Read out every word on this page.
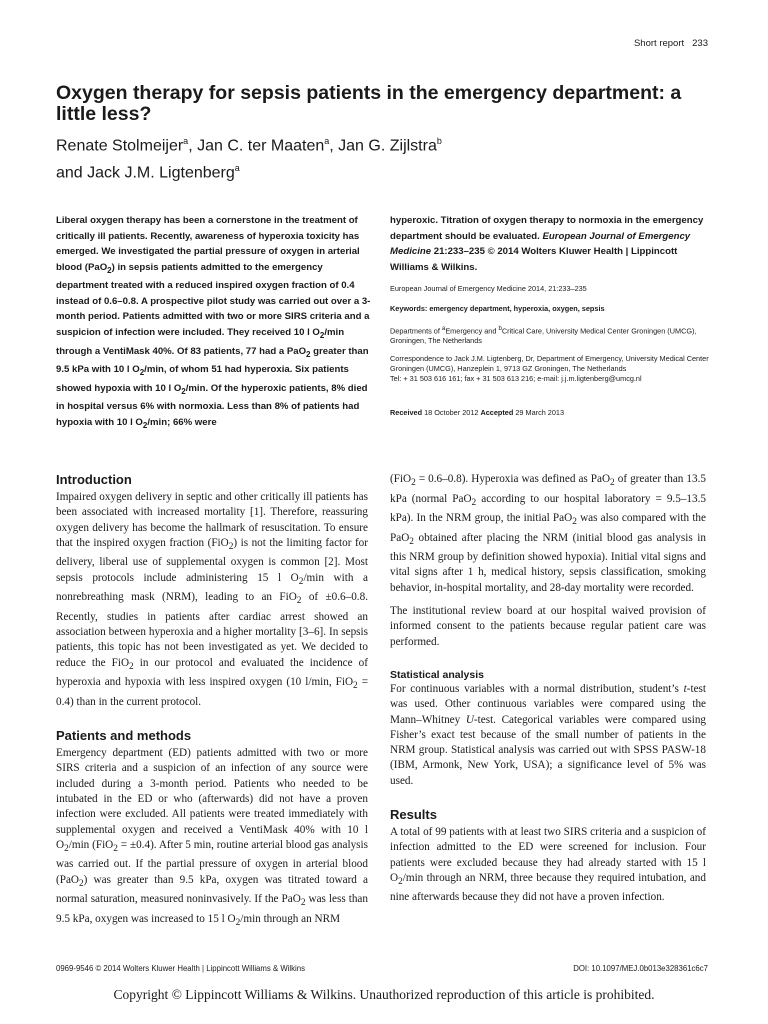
Short report 233
Oxygen therapy for sepsis patients in the emergency department: a little less?
Renate Stolmeijer$^a$, Jan C. ter Maaten$^a$, Jan G. Zijlstra$^b$
and Jack J.M. Ligtenberg$^a$

Liberal oxygen therapy has been a cornerstone in the treatment of critically ill patients. Recently, awareness of hyperoxia toxicity has emerged. We investigated the partial pressure of oxygen in arterial blood (PaO$_2$) in sepsis patients admitted to the emergency department treated with a reduced inspired oxygen fraction of 0.4 instead of 0.6–0.8. A prospective pilot study was carried out over a 3-month period. Patients admitted with two or more SIRS criteria and a suspicion of infection were included. They received 10 l $O_2/\min$ through a VentiMask 40%. Of 83 patients, 77 had a PaO$_2$ greater than 9.5 kPa with 10 l $O_2/\min$, of whom 51 had hyperoxia. Six patients showed hypoxia with 10 l $O_2/\min$. Of the hyperoxic patients, 8% died in hospital versus 6% with normoxia. Less than 8% of patients had hypoxia with 10 l $O_2/\min$; 66% were

hyperoxic. Titration of oxygen therapy to normoxia in the emergency department should be evaluated. European Journal of Emergency Medicine 21:233–235 © 2014 Wolters Kluwer Health | Lippincott Williams & Wilkins.

European Journal of Emergency Medicine 2014, 21:233–235

Keywords: emergency department, hyperoxia, oxygen, sepsis

Departments of $^a$Emergency and $^b$Critical Care, University Medical Center Groningen (UMCG), Groningen, The Netherlands

Correspondence to Jack J.M. Ligtenberg, Dr, Department of Emergency, University Medical Center Groningen (UMCG), Hanzeplein 1, 9713 GZ Groningen, The Netherlands
Tel: + 31 503 616 161; fax + 31 503 613 216; e-mail: j.j.m.ligtenberg@umcg.nl

Received 18 October 2012 Accepted 29 March 2013

Introduction

Impaired oxygen delivery in septic and other critically ill patients has been associated with increased mortality [1]. Therefore, reassuring oxygen delivery has become the hallmark of resuscitation. To ensure that the inspired oxygen fraction (FiO$_2$) is not the limiting factor for delivery, liberal use of supplemental oxygen is common [2]. Most sepsis protocols include administering 15 l $O_2/\min$ with a nonrebreathing mask (NRM), leading to an FiO$_2$ of ±0.6–0.8. Recently, studies in patients after cardiac arrest showed an association between hyperoxia and a higher mortality [3–6]. In sepsis patients, this topic has not been investigated as yet. We decided to reduce the FiO$_2$ in our protocol and evaluated the incidence of hyperoxia and hypoxia with less inspired oxygen (10 l/min, FiO$_2$ = 0.4) than in the current protocol.

Patients and methods

Emergency department (ED) patients admitted with two or more SIRS criteria and a suspicion of an infection of any source were included during a 3-month period. Patients who needed to be intubated in the ED or who (afterwards) did not have a proven infection were excluded. All patients were treated immediately with supplemental oxygen and received a VentiMask 40% with 10 l $O_2/\min$ (FiO$_2$ = ±0.4). After 5 min, routine arterial blood gas analysis was carried out. If the partial pressure of oxygen in arterial blood (PaO$_2$) was greater than 9.5 kPa, oxygen was titrated toward a normal saturation, measured noninvasively. If the PaO$_2$ was less than 9.5 kPa, oxygen was increased to 15 l $O_2/\min$ through an NRM

(FiO$_2$ = 0.6–0.8). Hyperoxia was defined as PaO$_2$ of greater than 13.5 kPa (normal PaO$_2$ according to our hospital laboratory = 9.5–13.5 kPa). In the NRM group, the initial PaO$_2$ was also compared with the PaO$_2$ obtained after placing the NRM (initial blood gas analysis in this NRM group by definition showed hypoxia). Initial vital signs and vital signs after 1 h, medical history, sepsis classification, smoking behavior, in-hospital mortality, and 28-day mortality were recorded.

The institutional review board at our hospital waived provision of informed consent to the patients because regular patient care was performed.

Statistical analysis

For continuous variables with a normal distribution, student’s t-test was used. Other continuous variables were compared using the Mann–Whitney U-test. Categorical variables were compared using Fisher’s exact test because of the small number of patients in the NRM group. Statistical analysis was carried out with SPSS PASW-18 (IBM, Armonk, New York, USA); a significance level of 5% was used.

Results

A total of 99 patients with at least two SIRS criteria and a suspicion of infection admitted to the ED were screened for inclusion. Four patients were excluded because they had already started with 15 l $O_2/\min$ through an NRM, three because they required intubation, and nine afterwards because they did not have a proven infection.

0969-9546 © 2014 Wolters Kluwer Health | Lippincott Williams & Wilkins	DOI: 10.1097/MEJ.0b013e328361c6c7
Copyright © Lippincott Williams & Wilkins. Unauthorized reproduction of this article is prohibited.
